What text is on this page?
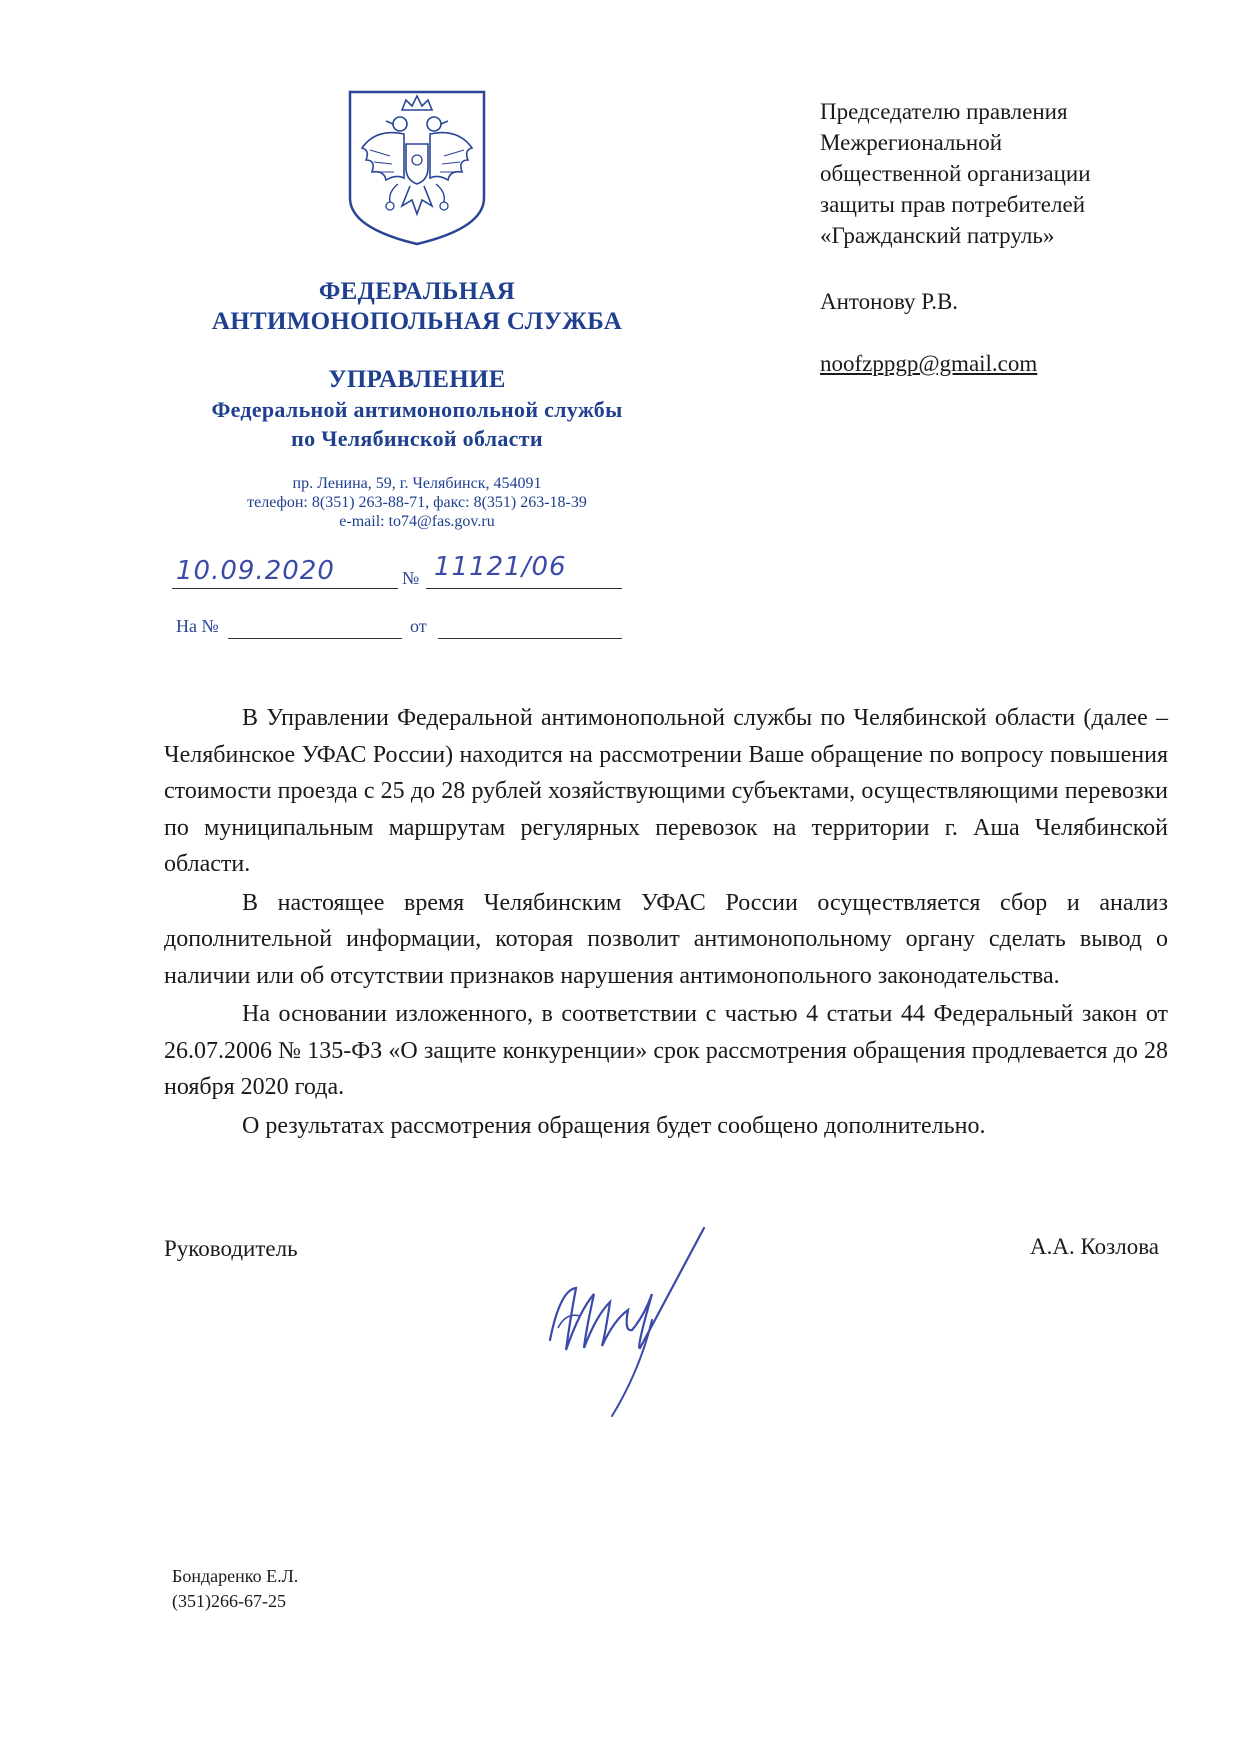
ФЕДЕРАЛЬНАЯ
АНТИМОНОПОЛЬНАЯ СЛУЖБА
УПРАВЛЕНИЕ
Федеральной антимонопольной службы
по Челябинской области
пр. Ленина, 59, г. Челябинск, 454091
телефон: 8(351) 263-88-71, факс: 8(351) 263-18-39
e-mail: to74@fas.gov.ru
10.09.2020	№ 11121/06
На №	от
Председателю правления
Межрегиональной
общественной организации
защиты прав потребителей
«Гражданский патруль»
Антонову Р.В.
noofzppgp@gmail.com

В Управлении Федеральной антимонопольной службы по Челябинской области (далее – Челябинское УФАС России) находится на рассмотрении Ваше обращение по вопросу повышения стоимости проезда с 25 до 28 рублей хозяйствующими субъектами, осуществляющими перевозки по муниципальным маршрутам регулярных перевозок на территории г. Аша Челябинской области.

В настоящее время Челябинским УФАС России осуществляется сбор и анализ дополнительной информации, которая позволит антимонопольному органу сделать вывод о наличии или об отсутствии признаков нарушения антимонопольного законодательства.

На основании изложенного, в соответствии с частью 4 статьи 44 Федеральный закон от 26.07.2006 № 135-ФЗ «О защите конкуренции» срок рассмотрения обращения продлевается до 28 ноября 2020 года.

О результатах рассмотрения обращения будет сообщено дополнительно.

Руководитель	А.А. Козлова
Бондаренко Е.Л.
(351)266-67-25
